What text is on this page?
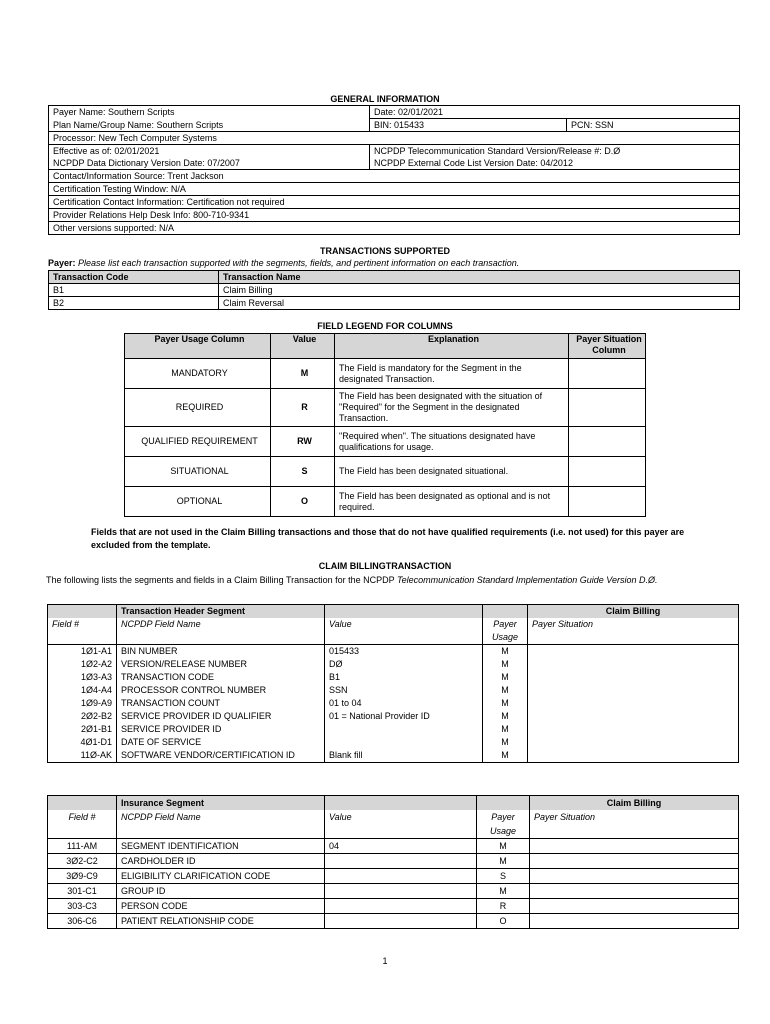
GENERAL INFORMATION
Payer Name: Southern Scripts	Date: 02/01/2021	
Plan Name/Group Name: Southern Scripts	BIN: 015433	PCN: SSN
Processor: New Tech Computer Systems		
Effective as of: 02/01/2021	NCPDP Telecommunication Standard Version/Release #: D.Ø	
NCPDP Data Dictionary Version Date: 07/2007	NCPDP External Code List Version Date: 04/2012	
Contact/Information Source: Trent Jackson		
Certification Testing Window: N/A		
Certification Contact Information: Certification not required		
Provider Relations Help Desk Info: 800-710-9341		
Other versions supported: N/A		
TRANSACTIONS SUPPORTED
Payer: Please list each transaction supported with the segments, fields, and pertinent information on each transaction.
Transaction Code	Transaction Name
B1	Claim Billing
B2	Claim Reversal
FIELD LEGEND FOR COLUMNS
Payer Usage Column	Value	Explanation	Payer Situation Column
MANDATORY	M	The Field is mandatory for the Segment in the designated Transaction.	
REQUIRED	R	The Field has been designated with the situation of "Required" for the Segment in the designated Transaction.	
QUALIFIED REQUIREMENT	RW	"Required when". The situations designated have qualifications for usage.	
SITUATIONAL	S	The Field has been designated situational.	
OPTIONAL	O	The Field has been designated as optional and is not required.	
Fields that are not used in the Claim Billing transactions and those that do not have qualified requirements (i.e. not used) for this payer are excluded from the template.
CLAIM BILLINGTRANSACTION
The following lists the segments and fields in a Claim Billing Transaction for the NCPDP Telecommunication Standard Implementation Guide Version D.Ø.
	Transaction Header Segment			Claim Billing
Field #	NCPDP Field Name	Value	Payer Usage	Payer Situation
1Ø1-A1	BIN NUMBER	015433	M	
1Ø2-A2	VERSION/RELEASE NUMBER	DØ	M	
1Ø3-A3	TRANSACTION CODE	B1	M	
1Ø4-A4	PROCESSOR CONTROL NUMBER	SSN	M	
1Ø9-A9	TRANSACTION COUNT	01 to 04	M	
2Ø2-B2	SERVICE PROVIDER ID QUALIFIER	01 = National Provider ID	M	
2Ø1-B1	SERVICE PROVIDER ID		M	
4Ø1-D1	DATE OF SERVICE		M	
11Ø-AK	SOFTWARE VENDOR/CERTIFICATION ID	Blank fill	M	
	Insurance Segment			Claim Billing
Field #	NCPDP Field Name	Value	Payer Usage	Payer Situation
111-AM	SEGMENT IDENTIFICATION	04	M	
3Ø2-C2	CARDHOLDER ID		M	
3Ø9-C9	ELIGIBILITY CLARIFICATION CODE		S	
301-C1	GROUP ID		M	
303-C3	PERSON CODE		R	
306-C6	PATIENT RELATIONSHIP CODE		O	
1
